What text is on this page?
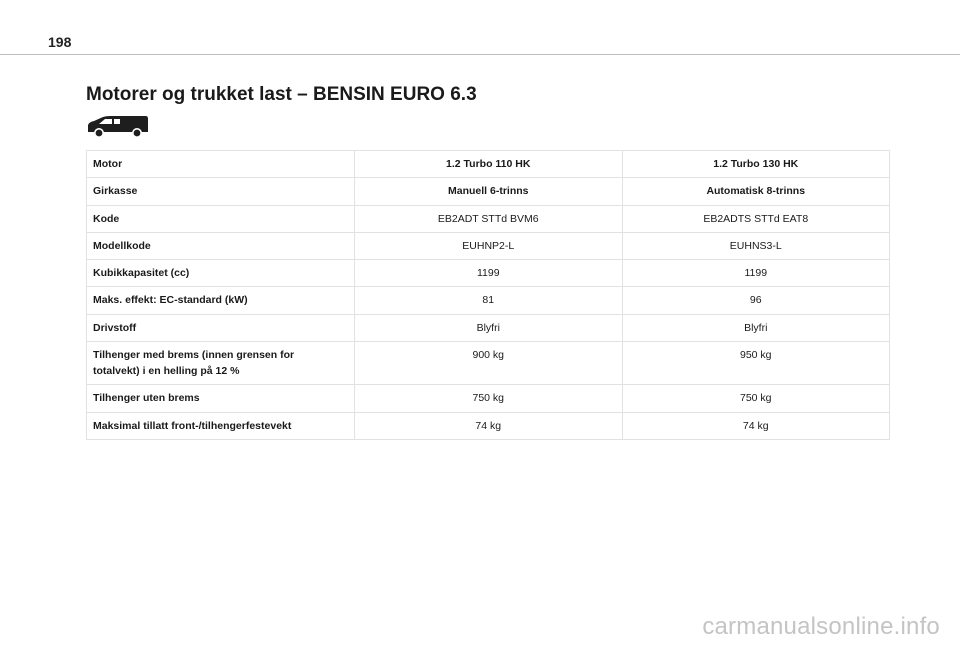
198
Motorer og trukket last – BENSIN EURO 6.3
Motor	1.2 Turbo 110 HK	1.2 Turbo 130 HK
Girkasse	Manuell 6-trinns	Automatisk 8-trinns
Kode	EB2ADT STTd BVM6	EB2ADTS STTd EAT8
Modellkode	EUHNP2-L	EUHNS3-L
Kubikkapasitet (cc)	1199	1199
Maks. effekt: EC-standard (kW)	81	96
Drivstoff	Blyfri	Blyfri
Tilhenger med brems (innen grensen for
totalvekt) i en helling på 12 %	900 kg	950 kg
Tilhenger uten brems	750 kg	750 kg
Maksimal tillatt front-/tilhengerfestevekt	74 kg	74 kg
carmanualsonline.info
